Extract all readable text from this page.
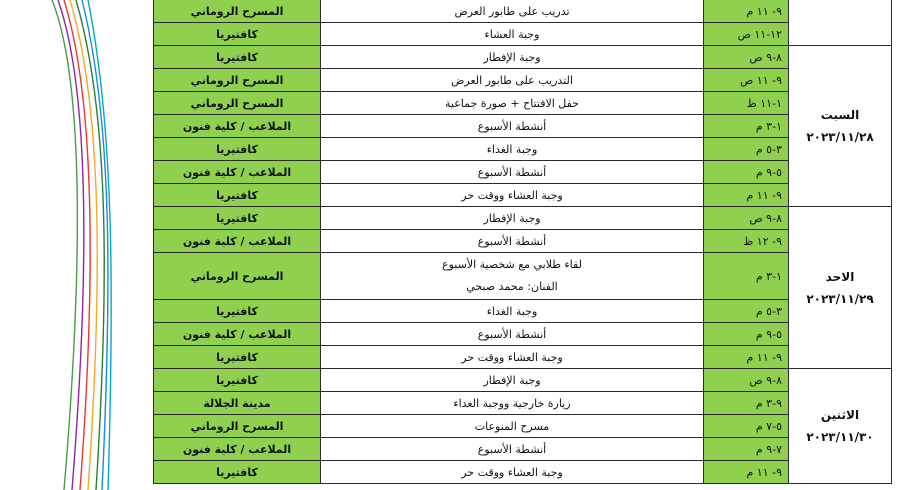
	٩- ١١ م	تدريب على طابور العرض	المسرح الروماني
	١٢-١١ ص	وجبة العشاء	كافتيريا

السبت
٢٠٢٣/١١/٢٨	٨-٩ ص	وجبة الإفطار	كافتيريا
	٩- ١١ ص	التدريب على طابور العرض	المسرح الروماني
	١-١١ ظ	حفل الافتتاح + صورة جماعية	المسرح الروماني
	١-٣ م	أنشطة الأسبوع	الملاعب / كلية فنون
	٣-٥ م	وجبة الغداء	كافتيريا
	٥-٩ م	أنشطة الأسبوع	الملاعب / كلية فنون
	٩- ١١ م	وجبة العشاء ووقت حر	كافتيريا

الاحد
٢٠٢٣/١١/٢٩	٨-٩ ص	وجبة الإفطار	كافتيريا
	٩- ١٢ ظ	أنشطة الأسبوع	الملاعب / كلية فنون
	١-٣ م	لقاء طلابي مع شخصية الأسبوع
الفنان: محمد صبحي	المسرح الروماني
	٣-٥ م	وجبة الغداء	كافتيريا
	٥-٩ م	أنشطة الأسبوع	الملاعب / كلية فنون
	٩- ١١ م	وجبة العشاء ووقت حر	كافتيريا

الاثنين
٢٠٢٣/١١/٣٠	٨-٩ ص	وجبة الإفطار	كافتيريا
	٩-٣ م	زيارة خارجية ووجبة الغداء	مدينة الجلالة
	٥-٧ م	مسرح المنوعات	المسرح الروماني
	٧-٩ م	أنشطة الأسبوع	الملاعب / كلية فنون
	٩- ١١ م	وجبة العشاء ووقت حر	كافتيريا
